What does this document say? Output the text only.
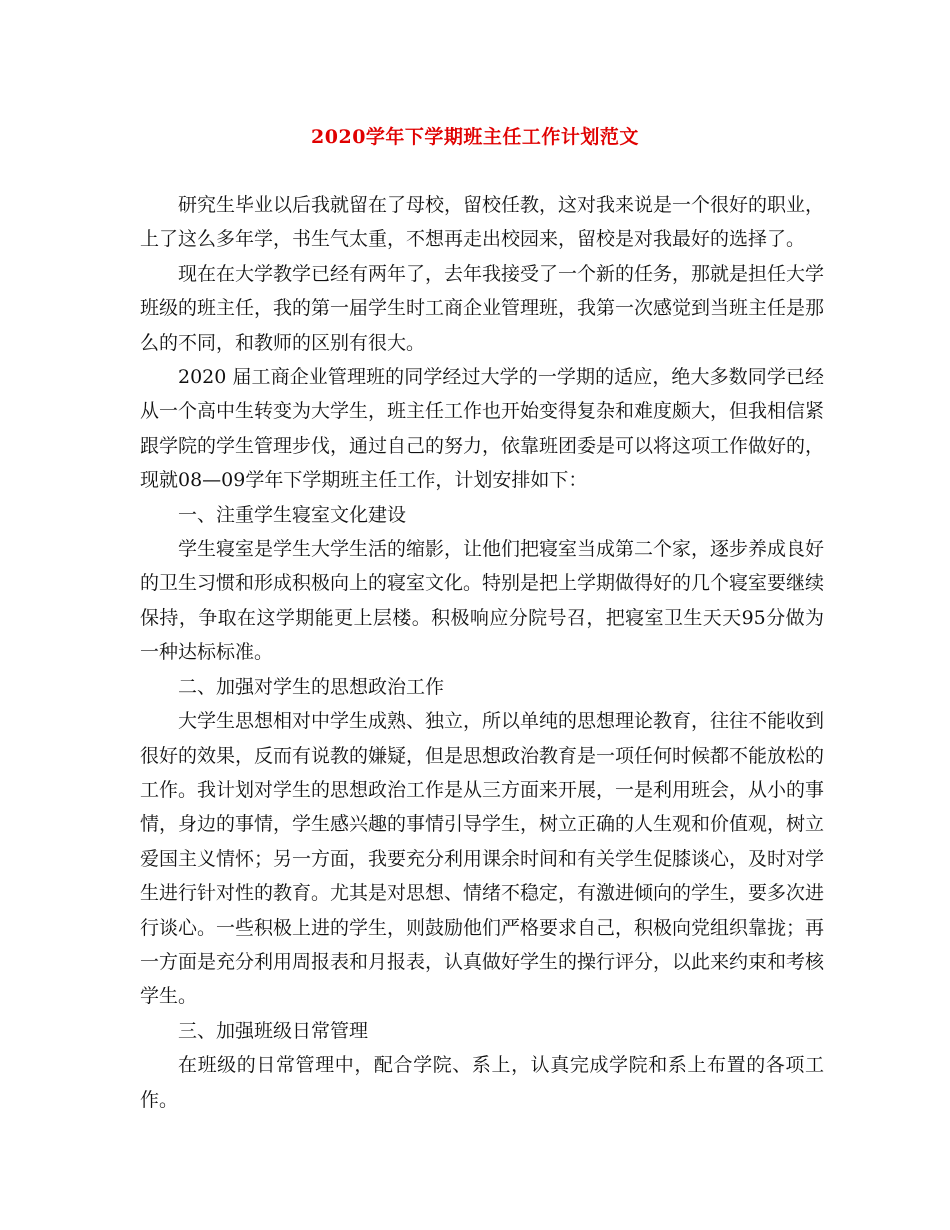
2020学年下学期班主任工作计划范文

研究生毕业以后我就留在了母校，留校任教，这对我来说是一个很好的职业，上了这么多年学，书生气太重，不想再走出校园来，留校是对我最好的选择了。

现在在大学教学已经有两年了，去年我接受了一个新的任务，那就是担任大学班级的班主任，我的第一届学生时工商企业管理班，我第一次感觉到当班主任是那么的不同，和教师的区别有很大。

2020 届工商企业管理班的同学经过大学的一学期的适应，绝大多数同学已经从一个高中生转变为大学生，班主任工作也开始变得复杂和难度颇大，但我相信紧跟学院的学生管理步伐，通过自己的努力，依靠班团委是可以将这项工作做好的，现就08—09学年下学期班主任工作，计划安排如下：

一、注重学生寝室文化建设

学生寝室是学生大学生活的缩影，让他们把寝室当成第二个家，逐步养成良好的卫生习惯和形成积极向上的寝室文化。特别是把上学期做得好的几个寝室要继续保持，争取在这学期能更上层楼。积极响应分院号召，把寝室卫生天天95分做为一种达标标准。

二、加强对学生的思想政治工作

大学生思想相对中学生成熟、独立，所以单纯的思想理论教育，往往不能收到很好的效果，反而有说教的嫌疑，但是思想政治教育是一项任何时候都不能放松的工作。我计划对学生的思想政治工作是从三方面来开展，一是利用班会，从小的事情，身边的事情，学生感兴趣的事情引导学生，树立正确的人生观和价值观，树立爱国主义情怀；另一方面，我要充分利用课余时间和有关学生促膝谈心，及时对学生进行针对性的教育。尤其是对思想、情绪不稳定，有激进倾向的学生，要多次进行谈心。一些积极上进的学生，则鼓励他们严格要求自己，积极向党组织靠拢；再一方面是充分利用周报表和月报表，认真做好学生的操行评分，以此来约束和考核学生。

三、加强班级日常管理

在班级的日常管理中，配合学院、系上，认真完成学院和系上布置的各项工作。
